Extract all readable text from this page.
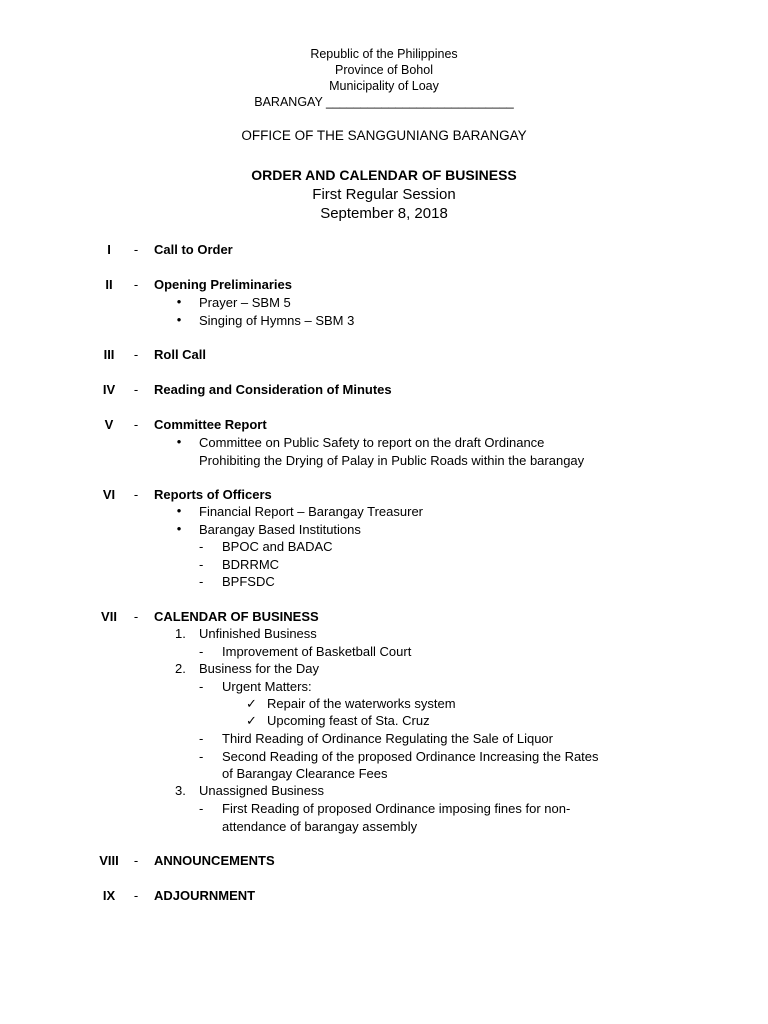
Republic of the Philippines
Province of Bohol
Municipality of Loay
BARANGAY ___________________________
OFFICE OF THE SANGGUNIANG BARANGAY
ORDER AND CALENDAR OF BUSINESS
First Regular Session
September 8, 2018
I	- Call to Order
II	- Opening Preliminaries
• Prayer – SBM 5
• Singing of Hymns – SBM 3
III	- Roll Call
IV	- Reading and Consideration of Minutes
V	- Committee Report
• Committee on Public Safety to report on the draft Ordinance
Prohibiting the Drying of Palay in Public Roads within the barangay
VI	- Reports of Officers
• Financial Report – Barangay Treasurer
• Barangay Based Institutions
- BPOC and BADAC
- BDRRMC
- BPFSDC
VII	- CALENDAR OF BUSINESS
1. Unfinished Business
- Improvement of Basketball Court
2. Business for the Day
- Urgent Matters:
✓ Repair of the waterworks system
✓ Upcoming feast of Sta. Cruz
- Third Reading of Ordinance Regulating the Sale of Liquor
- Second Reading of the proposed Ordinance Increasing the Rates
of Barangay Clearance Fees
3. Unassigned Business
- First Reading of proposed Ordinance imposing fines for non-
attendance of barangay assembly
VIII	- ANNOUNCEMENTS
IX	- ADJOURNMENT
